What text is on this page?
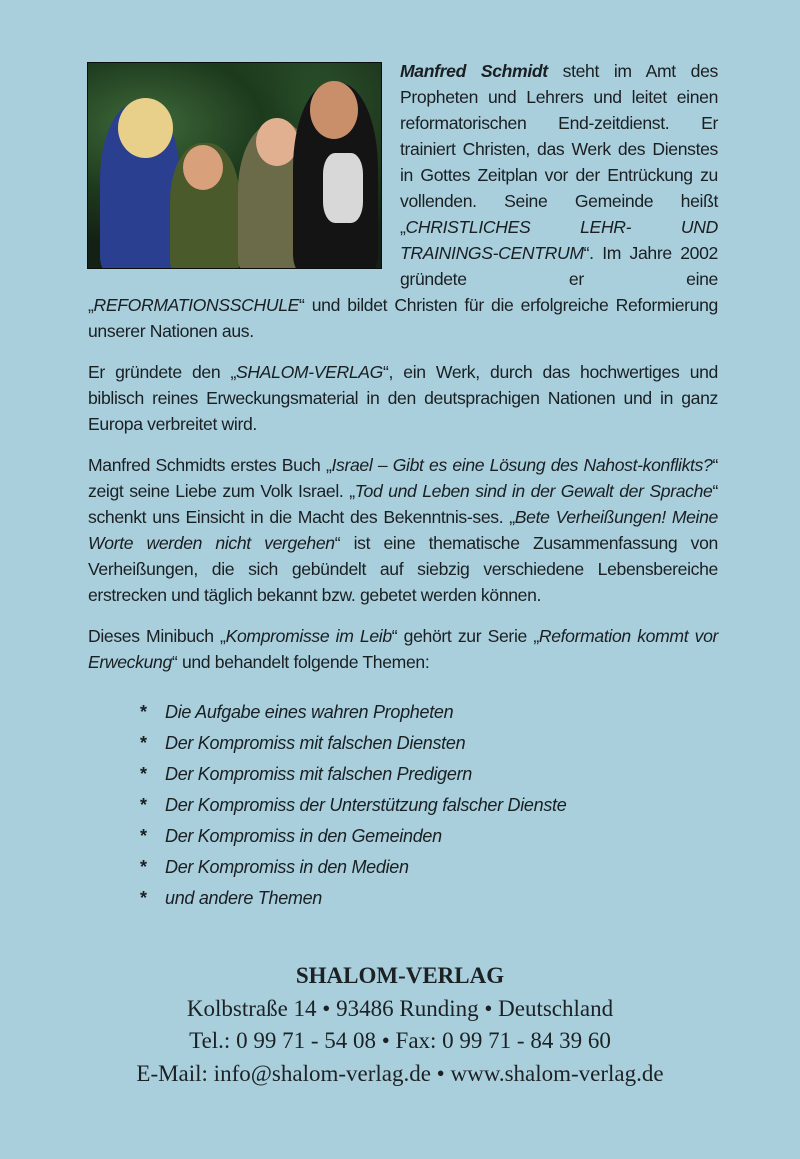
Manfred Schmidt steht im Amt des Propheten und Lehrers und leitet einen reformatorischen End-zeitdienst. Er trainiert Christen, das Werk des Dienstes in Gottes Zeitplan vor der Entrückung zu vollenden. Seine Gemeinde heißt „CHRISTLICHES LEHR- UND TRAININGS-CENTRUM“. Im Jahre 2002 gründete er eine „REFORMATIONSSCHULE“ und bildet Christen für die erfolgreiche Reformierung unserer Nationen aus.

Er gründete den „SHALOM-VERLAG“, ein Werk, durch das hochwertiges und biblisch reines Erweckungsmaterial in den deutsprachigen Nationen und in ganz Europa verbreitet wird.

Manfred Schmidts erstes Buch „Israel – Gibt es eine Lösung des Nahost-konflikts?“ zeigt seine Liebe zum Volk Israel. „Tod und Leben sind in der Gewalt der Sprache“ schenkt uns Einsicht in die Macht des Bekenntnis-ses. „Bete Verheißungen! Meine Worte werden nicht vergehen“ ist eine thematische Zusammenfassung von Verheißungen, die sich gebündelt auf siebzig verschiedene Lebensbereiche erstrecken und täglich bekannt bzw. gebetet werden können.

Dieses Minibuch „Kompromisse im Leib“ gehört zur Serie „Reformation kommt vor Erweckung“ und behandelt folgende Themen:

*	Die Aufgabe eines wahren Propheten
*	Der Kompromiss mit falschen Diensten
*	Der Kompromiss mit falschen Predigern
*	Der Kompromiss der Unterstützung falscher Dienste
*	Der Kompromiss in den Gemeinden
*	Der Kompromiss in den Medien
*	und andere Themen
SHALOM-VERLAG
Kolbstraße 14 • 93486 Runding • Deutschland
Tel.: 0 99 71 - 54 08 • Fax: 0 99 71 - 84 39 60
E-Mail: info@shalom-verlag.de • www.shalom-verlag.de
